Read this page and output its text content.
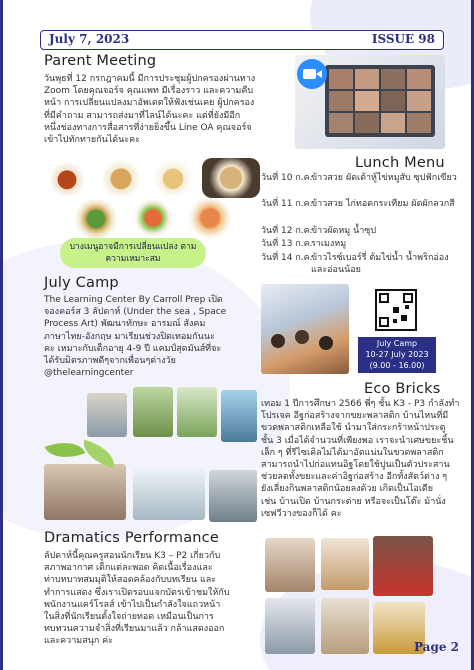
July 7, 2023	ISSUE 98
Parent Meeting
วันพุธที่ 12 กรกฎาคมนี้ มีการประชุมผู้ปกครองผ่านทาง
Zoom โดยคุณจอร์จ คุณแพท มีเรื่องราว และความคืบ
หน้า การเปลี่ยนแปลงมาอัพเดตให้ฟังเช่นเคย ผู้ปกครอง
ที่มีคำถาม สามารถส่งมาที่ไลน์ได้นะคะ แต่ที่ยังมีอีก
หนึ่งช่องทางการสื่อสารที่ง่ายยิ่งขึ้น Line OA คุณจอร์จ
เข้าไปทักทายกันได้นะคะ
บางเมนูอาจมีการเปลี่ยนแปลง ตามความเหมาะสม
Lunch Menu
วันที่ 10 ก.ค.
ข้าวสวย ผัดเต้าหู้ไข่หมูสับ ซุปฟักเขียว
วันที่ 11 ก.ค.
ข้าวสวย ไก่ทอดกระเทียม ผัดผักลวกสี
วันที่ 12 ก.ค.
ข้าวผัดหมู น้ำซุป
วันที่ 13 ก.ค.
ราเมงหมู
วันที่ 14 ก.ค.
ข้าวไรซ์เบอร์รี่ ต้มไข่น้ำ น้ำพริกอ่องและอ่อนน้อย
July Camp
The Learning Center By Carroll Prep เปิด
จองคอร์ส 3 ลัปดาห์ (Under the sea , Space
Process Art) พัฒนาทักษะ อารมณ์ สังคม
ภาษาไทย-อังกฤษ มาเรียนช่วงปิดเทอมกันนะ
คะ เหมาะกับเด็กอายุ 4-9 ปี แคมป์สุดมันส์ที่จะ
ได้รับมิตรภาพดีๆจากเพื่อนๆต่างวัย
@thelearningcenter
July Camp
10-27 July 2023
(9.00 - 16.00)
Eco Bricks
เทอม 1 ปีการศึกษา 2566 พี่ๆ ชั้น K3 - P3 กำลังทำ
โปรเจค อีฐก่อสร้างจากขยะพลาสติก บ้านไหนที่มี
ขวดพลาสติกเหลือใช้ นำมาใส่กระกร้าหน้าประตู
ชั้น 3 เมื่อได้จำนวนที่เพียงพอ เราจะนำเศษขยะชิ้น
เล็ก ๆ ที่รีไซเคิลไม่ได้มาอัดแน่นในขวดพลาสติก
สามารถนำไปก่อแทนอิฐโดยใช้ปูนเป็นตัวประสาน
ช่วยลดทั้งขยะและค่าอิฐก่อสร้าง อีกทั้งสัตว์ต่าง ๆ
ยังเลี่ยงกินพลาสติกน้อยลงด้วย เกิดเป็นไอเดีย
เช่น บ้านเปิด บ้านกระต่าย หรือจะเป็นโต๊ะ ม้านั่ง
เซฟวีวางของก็ได้ คะ
Dramatics Performance
ลัปดาห์นี้คุณครูสอนนักเรียน K3 – P2 เกี่ยวกับ
สภาพอากาศ เด็กแต่ละพอด คิดเนื้อเรื่องและ
ท่าบทบาทสมมุติให้สอดคล้องกับบทเรียน และ
ทำการแสดง ซึ่งเราเปิดรอบแจกบัตรเข้าชมให้กับ
พนักงานแคร์โรลส์ เข้าไปเป็นกำลังใจแถวหน้า
ในสิ่งที่นักเรียนตั้งใจถ่ายทอด เหมือนเป็นการ
ทบทวนความจำสิ่งที่เรียนมาแล้ว กล้าแสดงออก
และความสนุก ค่ะ	Page 2
